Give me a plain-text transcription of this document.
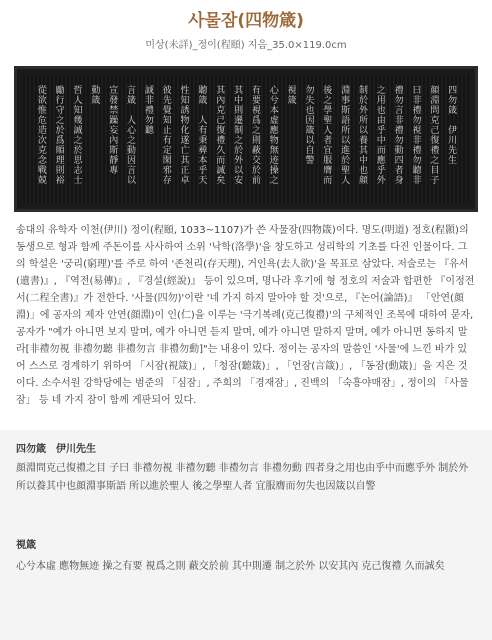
사물잠(四物箴)
미상(未詳)_정이(程頤) 지음_35.0×119.0cm
四勿箴　伊川先生
顔淵問克己復禮之目子
曰非禮勿視非禮勿聽非
禮勿言非禮勿動四者身
之用也由乎中而應乎外
制於外所以養其中也顔
淵事斯語所以進於聖人
後之學聖人者宜服膺而
勿失也因箴以自警
視箴
心兮本虛應物無迹操之
有要視爲之則蔽交於前
其中則遷制之於外以安
其內克己復禮久而誠矣
聽箴　人有秉彛本乎天
性知誘物化遂亡其正卓
彼先覺知止有定閑邪存
誠非禮勿聽
言箴　人心之動因言以
宣發禁躁妄內斯靜專
動箴
哲人知幾誠之於思志士
勵行守之於爲順理則裕
從欲惟危造次克念戰兢

송대의 유학자 이천(伊川) 정이(程頤, 1033~1107)가 쓴 사물잠(四物箴)이다. 명도(明道) 정호(程顥)의 동생으로 형과 함께 주돈이를 사사하여 소위 '낙학(洛學)'을 창도하고 성리학의 기초를 다진 인물이다. 그의 학설은 '궁리(窮理)'를 주로 하여 '존천리(存天理), 거인욕(去人欲)'을 목표로 삼았다. 저술로는 『유서(遺書)』, 『역전(易傳)』, 『경설(經說)』 등이 있으며, 명나라 후기에 형 정호의 저술과 합편한 『이정전서(二程全書)』가 전한다. '사물(四勿)'이란 '네 가지 하지 말아야 할 것'으로, 『논어(論語)』 「안연(顔淵)」에 공자의 제자 안연(顔淵)이 인(仁)을 이루는 '극기복례(克己復禮)'의 구체적인 조목에 대하여 묻자, 공자가 "예가 아니면 보지 말며, 예가 아니면 듣지 말며, 예가 아니면 말하지 말며, 예가 아니면 동하지 말라[非禮勿視 非禮勿聽 非禮勿言 非禮勿動]"는 내용이 있다. 정이는 공자의 말씀인 '사물'에 느낀 바가 있어 스스로 경계하기 위하여 「시잠(視箴)」, 「청잠(聽箴)」, 「언잠(言箴)」, 「동잠(動箴)」을 지은 것이다. 소수서원 강학당에는 범준의 「심잠」, 주희의 「경재잠」, 진백의 「숙흥야매잠」, 정이의 「사물잠」 등 네 가지 잠이 함께 게판되어 있다.

四勿箴　伊川先生

顔淵問克己復禮之目 子曰 非禮勿視 非禮勿聽 非禮勿言 非禮勿動 四者身之用也由乎中而應乎外 制於外 所以養其中也顔淵事斯語 所以進於聖人 後之學聖人者 宜服膺而勿失也因箴以自警

視箴

心兮本虛 應物無迹 操之有要 視爲之則 蔽交於前 其中則遷 制之於外 以安其內 克己復禮 久而誠矣
